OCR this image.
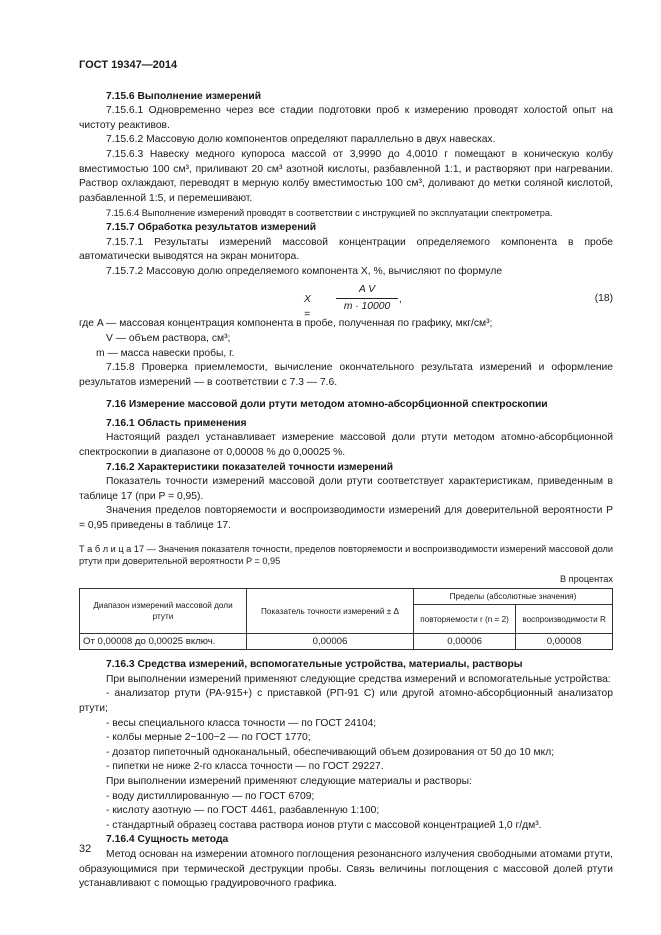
ГОСТ 19347—2014

7.15.6 Выполнение измерений

7.15.6.1 Одновременно через все стадии подготовки проб к измерению проводят холостой опыт на чистоту реактивов.

7.15.6.2 Массовую долю компонентов определяют параллельно в двух навесках.

7.15.6.3 Навеску медного купороса массой от 3,9990 до 4,0010 г помещают в коническую колбу вместимостью 100 см³, приливают 20 см³ азотной кислоты, разбавленной 1:1, и растворяют при нагревании. Раствор охлаждают, переводят в мерную колбу вместимостью 100 см³, доливают до метки соляной кислотой, разбавленной 1:5, и перемешивают.

7.15.6.4 Выполнение измерений проводят в соответствии с инструкцией по эксплуатации спектрометра.

7.15.7 Обработка результатов измерений

7.15.7.1 Результаты измерений массовой концентрации определяемого компонента в пробе автоматически выводятся на экран монитора.

7.15.7.2 Массовую долю определяемого компонента X, %, вычисляют по формуле

X =
A V
m · 10000
,	(18)
где A — массовая концентрация компонента в пробе, полученная по графику, мкг/см³;
V — объем раствора, см³;
m — масса навески пробы, г.

7.15.8 Проверка приемлемости, вычисление окончательного результата измерений и оформление результатов измерений — в соответствии с 7.3 — 7.6.

7.16 Измерение массовой доли ртути методом атомно-абсорбционной спектроскопии

7.16.1 Область применения

Настоящий раздел устанавливает измерение массовой доли ртути методом атомно-абсорбционной спектроскопии в диапазоне от 0,00008 % до 0,00025 %.

7.16.2 Характеристики показателей точности измерений

Показатель точности измерений массовой доли ртути соответствует характеристикам, приведенным в таблице 17 (при P = 0,95).

Значения пределов повторяемости и воспроизводимости измерений для доверительной вероятности P = 0,95 приведены в таблице 17.

Т а б л и ц а 17 — Значения показателя точности, пределов повторяемости и воспроизводимости измерений массовой доли ртути при доверительной вероятности P = 0,95

В процентах
Диапазон измерений массовой доли ртути	Показатель точности измерений ± Δ	Пределы (абсолютные значения)	
		повторяемости r (n = 2)	воспроизводимости R
От 0,00008 до 0,00025 включ.	0,00006	0,00006	0,00008

7.16.3 Средства измерений, вспомогательные устройства, материалы, растворы

При выполнении измерений применяют следующие средства измерений и вспомогательные устройства:

- анализатор ртути (РА-915+) с приставкой (РП-91 С) или другой атомно-абсорбционный анализатор ртути;

- весы специального класса точности — по ГОСТ 24104;

- колбы мерные 2−100−2 — по ГОСТ 1770;

- дозатор пипеточный одноканальный, обеспечивающий объем дозирования от 50 до 10 мкл;

- пипетки не ниже 2-го класса точности — по ГОСТ 29227.

При выполнении измерений применяют следующие материалы и растворы:

- воду дистиллированную — по ГОСТ 6709;

- кислоту азотную — по ГОСТ 4461, разбавленную 1:100;

- стандартный образец состава раствора ионов ртути с массовой концентрацией 1,0 г/дм³.

7.16.4 Сущность метода

Метод основан на измерении атомного поглощения резонансного излучения свободными атомами ртути, образующимися при термической деструкции пробы. Связь величины поглощения с массовой долей ртути устанавливают с помощью градуировочного графика.

32
